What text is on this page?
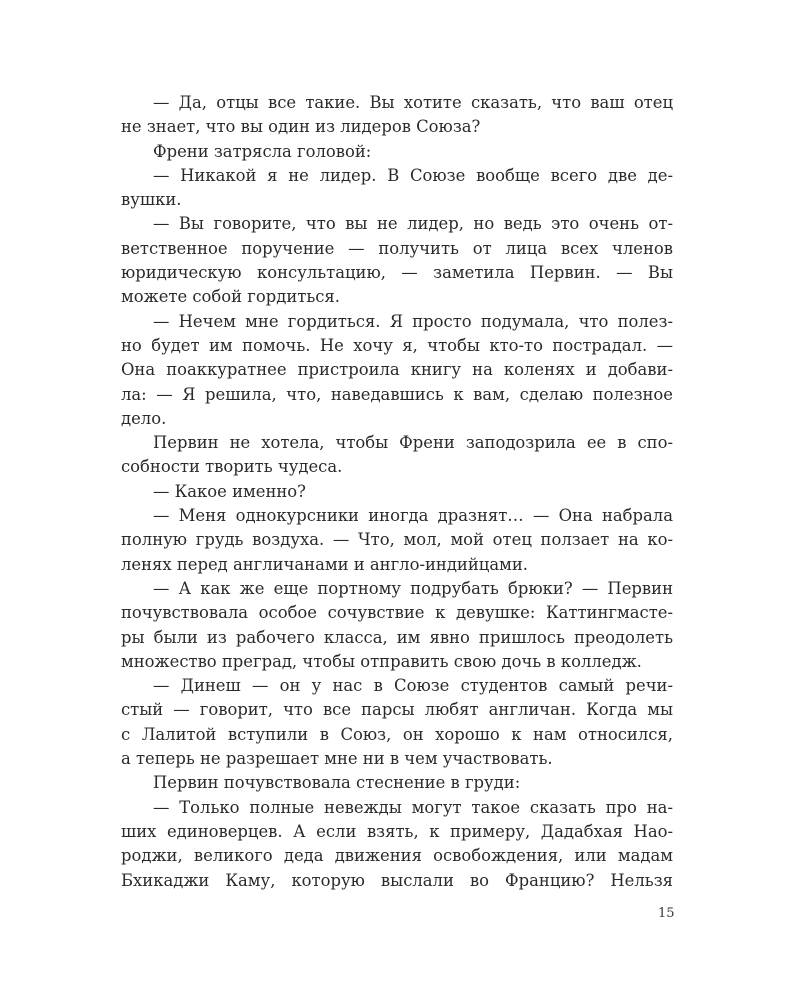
— Да, отцы все такие. Вы хотите сказать, что ваш отец
не знает, что вы один из лидеров Союза?
Френи затрясла головой:
— Никакой я не лидер. В Союзе вообще всего две де-
вушки.
— Вы говорите, что вы не лидер, но ведь это очень от-
ветственное поручение — получить от лица всех членов
юридическую консультацию, — заметила Первин. — Вы
можете собой гордиться.
— Нечем мне гордиться. Я просто подумала, что полез-
но будет им помочь. Не хочу я, чтобы кто-то пострадал. —
Она поаккуратнее пристроила книгу на коленях и добави-
ла: — Я решила, что, наведавшись к вам, сделаю полезное
дело.
Первин не хотела, чтобы Френи заподозрила ее в спо-
собности творить чудеса.
— Какое именно?
— Меня однокурсники иногда дразнят… — Она набрала
полную грудь воздуха. — Что, мол, мой отец ползает на ко-
ленях перед англичанами и англо-индийцами.
— А как же еще портному подрубать брюки? — Первин
почувствовала особое сочувствие к девушке: Каттингмасте-
ры были из рабочего класса, им явно пришлось преодолеть
множество преград, чтобы отправить свою дочь в колледж.
— Динеш — он у нас в Союзе студентов самый речи-
стый — говорит, что все парсы любят англичан. Когда мы
с Лалитой вступили в Союз, он хорошо к нам относился,
а теперь не разрешает мне ни в чем участвовать.
Первин почувствовала стеснение в груди:
— Только полные невежды могут такое сказать про на-
ших единоверцев. А если взять, к примеру, Дадабхая Нао-
роджи, великого деда движения освобождения, или мадам
Бхикаджи Каму, которую выслали во Францию? Нельзя
15
